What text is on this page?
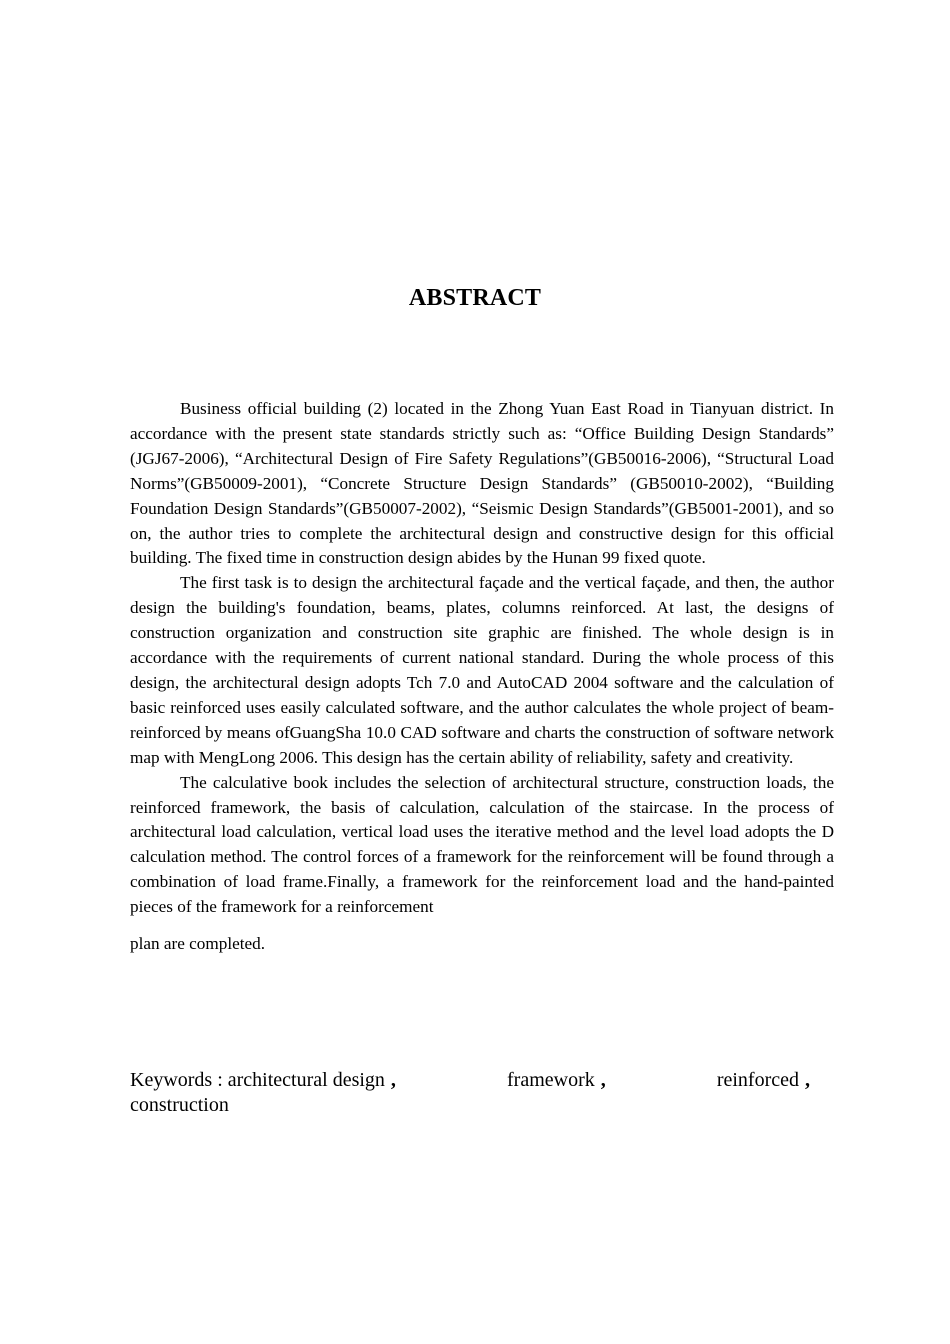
ABSTRACT

Business official building (2) located in the Zhong Yuan East Road in Tianyuan district. In accordance with the present state standards strictly such as: “Office Building Design Standards” (JGJ67-2006), “Architectural Design of Fire Safety Regulations”(GB50016-2006), “Structural Load Norms”(GB50009-2001), “Concrete Structure Design Standards” (GB50010-2002), “Building Foundation Design Standards”(GB50007-2002), “Seismic Design Standards”(GB5001-2001), and so on, the author tries to complete the architectural design and constructive design for this official building. The fixed time in construction design abides by the Hunan 99 fixed quote.

The first task is to design the architectural façade and the vertical façade, and then, the author design the building's foundation, beams, plates, columns reinforced. At last, the designs of construction organization and construction site graphic are finished. The whole design is in accordance with the requirements of current national standard. During the whole process of this design, the architectural design adopts Tch 7.0 and AutoCAD 2004 software and the calculation of basic reinforced uses easily calculated software, and the author calculates the whole project of beam-reinforced by means ofGuangSha 10.0 CAD software and charts the construction of software network map with MengLong 2006. This design has the certain ability of reliability, safety and creativity.

The calculative book includes the selection of architectural structure, construction loads, the reinforced framework, the basis of calculation, calculation of the staircase. In the process of architectural load calculation, vertical load uses the iterative method and the level load adopts the D calculation method. The control forces of a framework for the reinforcement will be found through a combination of load frame.Finally, a framework for the reinforcement load and the hand-painted pieces of the framework for a reinforcement
plan are completed.

Keywords : architectural design ,	framework ,	reinforced ,
construction
